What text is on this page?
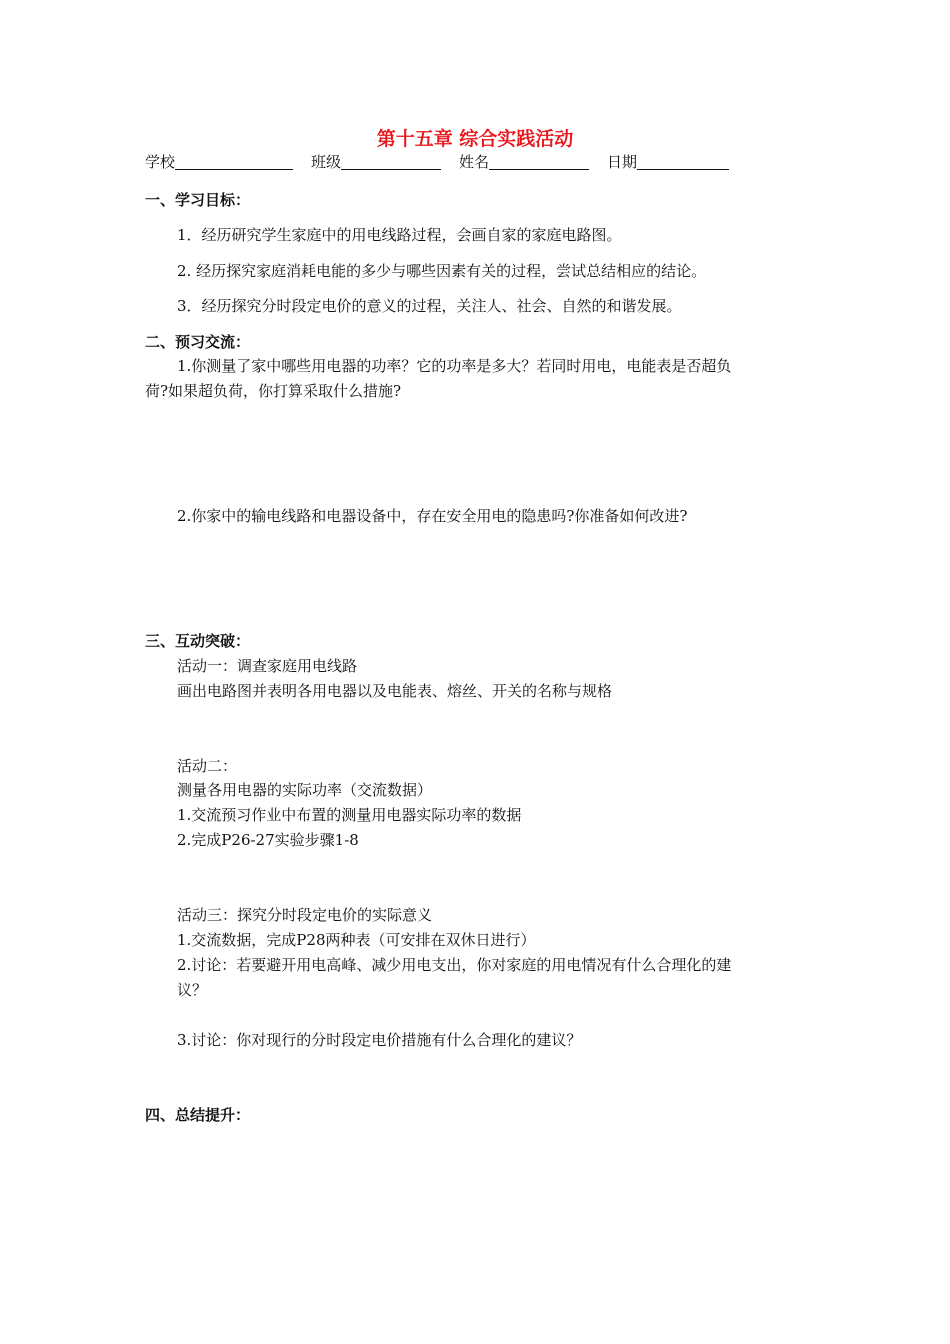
第十五章 综合实践活动
学校	班级	姓名	日期
一、学习目标：
1．经历研究学生家庭中的用电线路过程，会画自家的家庭电路图。
2. 经历探究家庭消耗电能的多少与哪些因素有关的过程，尝试总结相应的结论。
3．经历探究分时段定电价的意义的过程，关注人、社会、自然的和谐发展。
二、预习交流：
1.你测量了家中哪些用电器的功率？它的功率是多大？若同时用电，电能表是否超负
荷?如果超负荷，你打算采取什么措施?
2.你家中的输电线路和电器设备中，存在安全用电的隐患吗?你准备如何改进?
三、互动突破：
活动一：调查家庭用电线路
画出电路图并表明各用电器以及电能表、熔丝、开关的名称与规格
活动二：
测量各用电器的实际功率（交流数据）
1.交流预习作业中布置的测量用电器实际功率的数据
2.完成P26-27实验步骤1-8
活动三：探究分时段定电价的实际意义
1.交流数据，完成P28两种表（可安排在双休日进行）
2.讨论：若要避开用电高峰、减少用电支出，你对家庭的用电情况有什么合理化的建
议？
3.讨论：你对现行的分时段定电价措施有什么合理化的建议？
四、总结提升：
